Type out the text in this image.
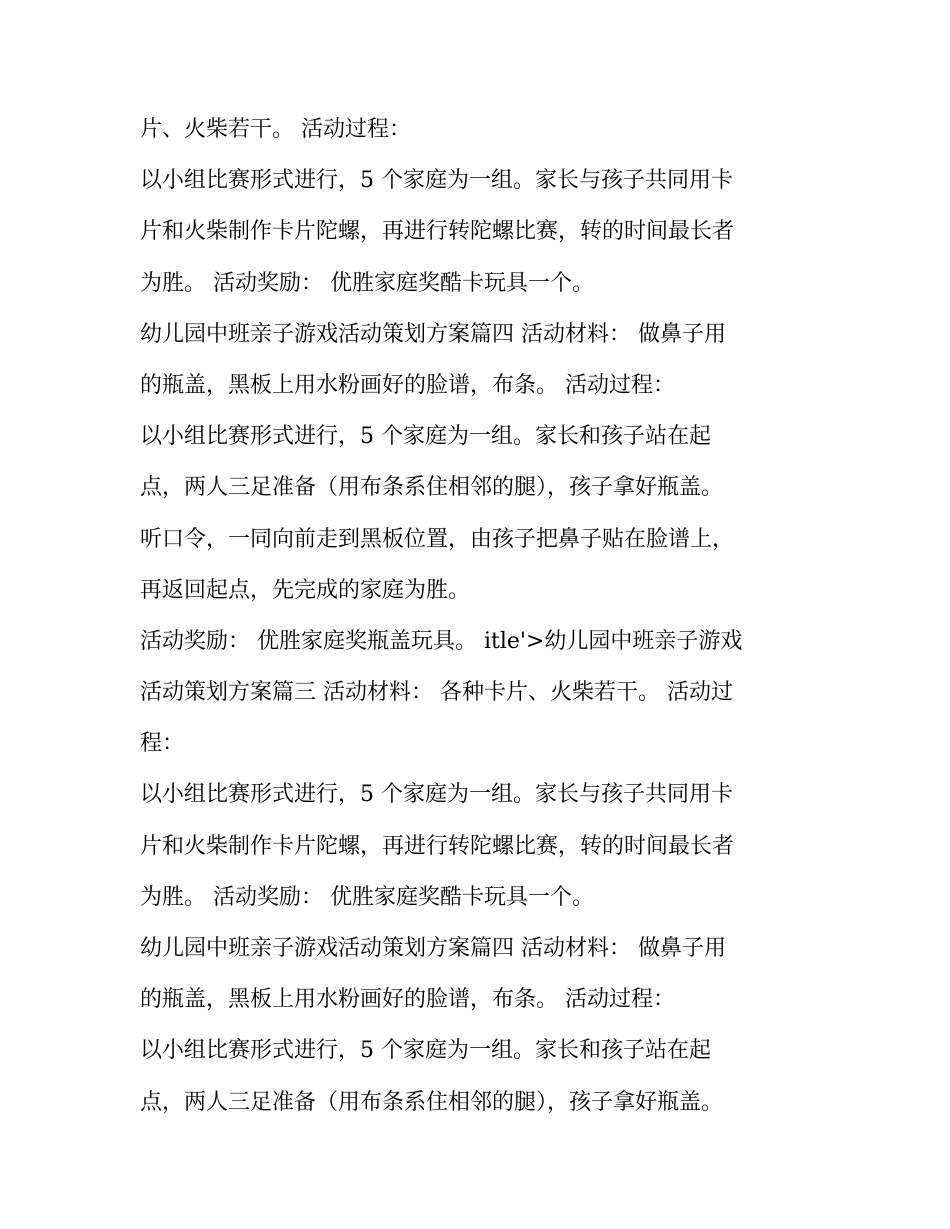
片、火柴若干。 活动过程：
以小组比赛形式进行，5 个家庭为一组。家长与孩子共同用卡
片和火柴制作卡片陀螺，再进行转陀螺比赛，转的时间最长者
为胜。 活动奖励： 优胜家庭奖酷卡玩具一个。
幼儿园中班亲子游戏活动策划方案篇四 活动材料： 做鼻子用
的瓶盖，黑板上用水粉画好的脸谱，布条。 活动过程：
以小组比赛形式进行，5 个家庭为一组。家长和孩子站在起
点，两人三足准备（用布条系住相邻的腿），孩子拿好瓶盖。
听口令，一同向前走到黑板位置，由孩子把鼻子贴在脸谱上，
再返回起点，先完成的家庭为胜。
活动奖励： 优胜家庭奖瓶盖玩具。 itle'>幼儿园中班亲子游戏
活动策划方案篇三 活动材料： 各种卡片、火柴若干。 活动过
程：
以小组比赛形式进行，5 个家庭为一组。家长与孩子共同用卡
片和火柴制作卡片陀螺，再进行转陀螺比赛，转的时间最长者
为胜。 活动奖励： 优胜家庭奖酷卡玩具一个。
幼儿园中班亲子游戏活动策划方案篇四 活动材料： 做鼻子用
的瓶盖，黑板上用水粉画好的脸谱，布条。 活动过程：
以小组比赛形式进行，5 个家庭为一组。家长和孩子站在起
点，两人三足准备（用布条系住相邻的腿），孩子拿好瓶盖。
